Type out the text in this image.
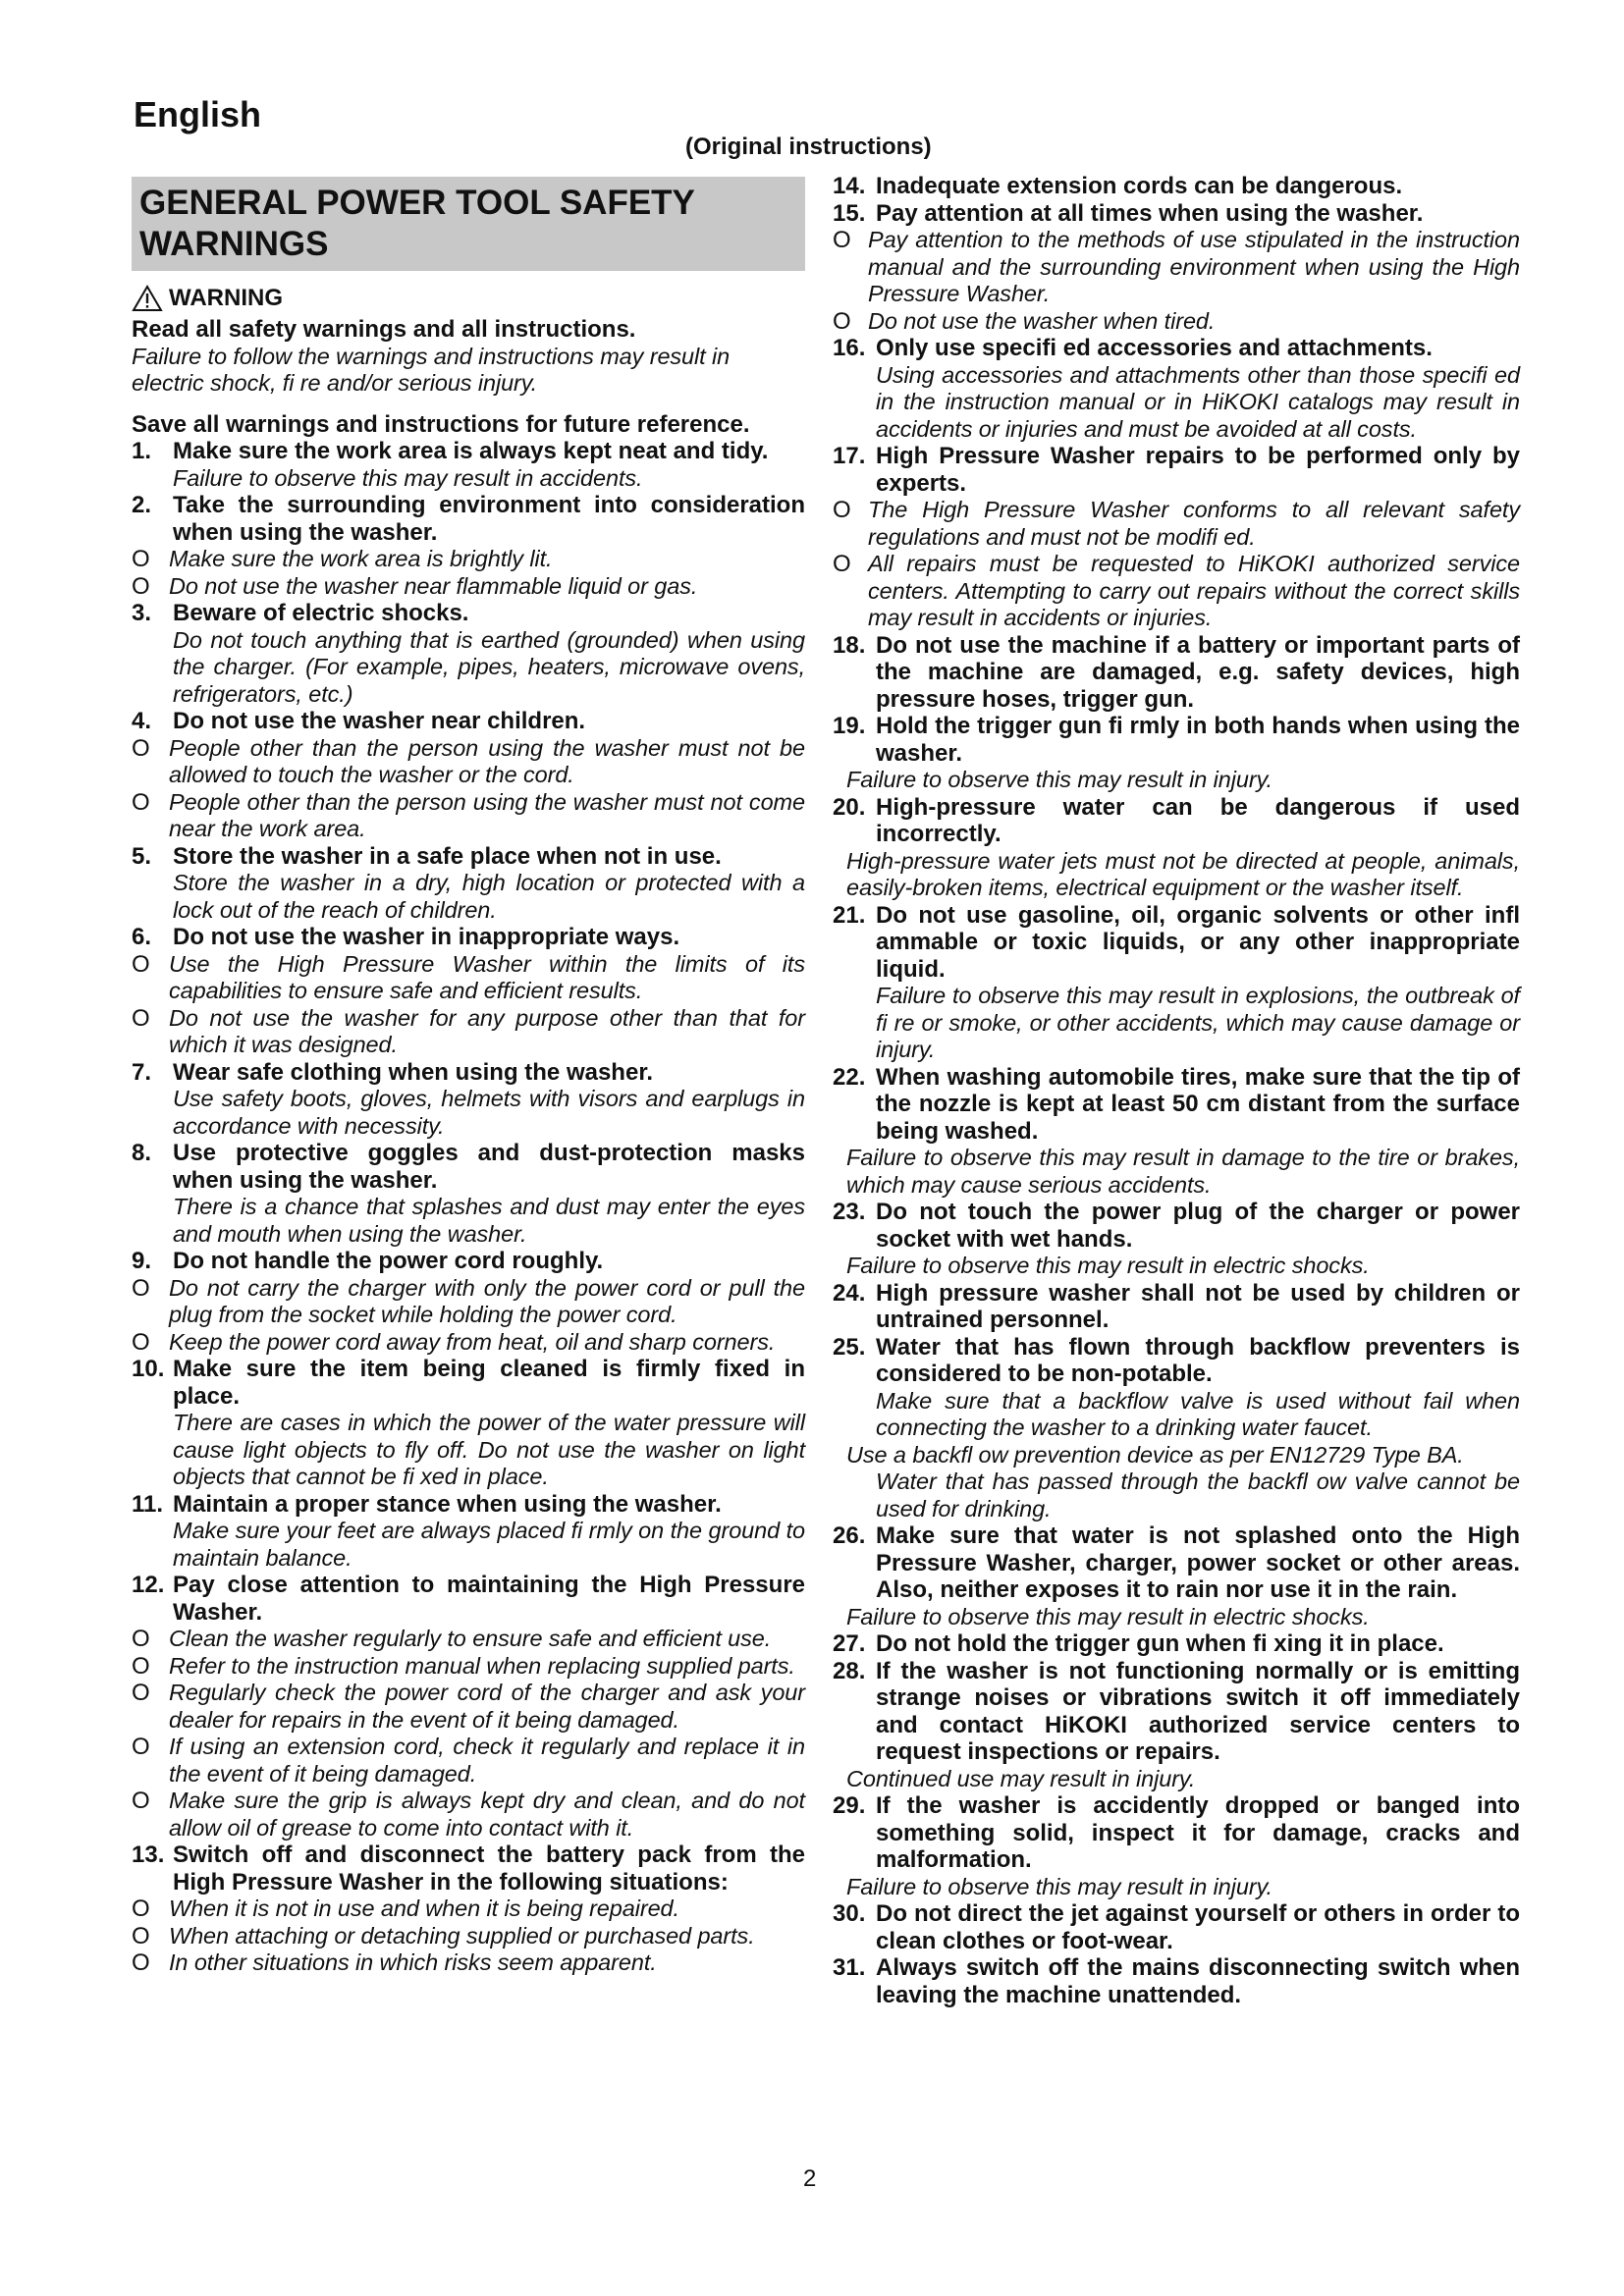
English
(Original instructions)
GENERAL POWER TOOL SAFETY WARNINGS
WARNING

Read all safety warnings and all instructions.

Failure to follow the warnings and instructions may result in electric shock, fi re and/or serious injury.

Save all warnings and instructions for future reference.

1. Make sure the work area is always kept neat and tidy.
Failure to observe this may result in accidents.
2. Take the surrounding environment into consideration when using the washer.
O Make sure the work area is brightly lit.
O Do not use the washer near flammable liquid or gas.
3. Beware of electric shocks.
Do not touch anything that is earthed (grounded) when using the charger. (For example, pipes, heaters, microwave ovens, refrigerators, etc.)
4. Do not use the washer near children.
O People other than the person using the washer must not be allowed to touch the washer or the cord.
O People other than the person using the washer must not come near the work area.
5. Store the washer in a safe place when not in use.
Store the washer in a dry, high location or protected with a lock out of the reach of children.
6. Do not use the washer in inappropriate ways.
O Use the High Pressure Washer within the limits of its capabilities to ensure safe and efficient results.
O Do not use the washer for any purpose other than that for which it was designed.
7. Wear safe clothing when using the washer.
Use safety boots, gloves, helmets with visors and earplugs in accordance with necessity.
8. Use protective goggles and dust-protection masks when using the washer.
There is a chance that splashes and dust may enter the eyes and mouth when using the washer.
9. Do not handle the power cord roughly.
O Do not carry the charger with only the power cord or pull the plug from the socket while holding the power cord.
O Keep the power cord away from heat, oil and sharp corners.
10. Make sure the item being cleaned is firmly fixed in place.
There are cases in which the power of the water pressure will cause light objects to fly off. Do not use the washer on light objects that cannot be fi xed in place.
11. Maintain a proper stance when using the washer.
Make sure your feet are always placed fi rmly on the ground to maintain balance.
12. Pay close attention to maintaining the High Pressure Washer.
O Clean the washer regularly to ensure safe and efficient use.
O Refer to the instruction manual when replacing supplied parts.
O Regularly check the power cord of the charger and ask your dealer for repairs in the event of it being damaged.
O If using an extension cord, check it regularly and replace it in the event of it being damaged.
O Make sure the grip is always kept dry and clean, and do not allow oil of grease to come into contact with it.
13. Switch off and disconnect the battery pack from the High Pressure Washer in the following situations:
O When it is not in use and when it is being repaired.
O When attaching or detaching supplied or purchased parts.
O In other situations in which risks seem apparent.
14. Inadequate extension cords can be dangerous.
15. Pay attention at all times when using the washer.
O Pay attention to the methods of use stipulated in the instruction manual and the surrounding environment when using the High Pressure Washer.
O Do not use the washer when tired.
16. Only use specifi ed accessories and attachments.
Using accessories and attachments other than those specifi ed in the instruction manual or in HiKOKI catalogs may result in accidents or injuries and must be avoided at all costs.
17. High Pressure Washer repairs to be performed only by experts.
O The High Pressure Washer conforms to all relevant safety regulations and must not be modifi ed.
O All repairs must be requested to HiKOKI authorized service centers. Attempting to carry out repairs without the correct skills may result in accidents or injuries.
18. Do not use the machine if a battery or important parts of the machine are damaged, e.g. safety devices, high pressure hoses, trigger gun.
19. Hold the trigger gun fi rmly in both hands when using the washer.
Failure to observe this may result in injury.
20. High-pressure water can be dangerous if used incorrectly.
High-pressure water jets must not be directed at people, animals, easily-broken items, electrical equipment or the washer itself.
21. Do not use gasoline, oil, organic solvents or other infl ammable or toxic liquids, or any other inappropriate liquid.
Failure to observe this may result in explosions, the outbreak of fi re or smoke, or other accidents, which may cause damage or injury.
22. When washing automobile tires, make sure that the tip of the nozzle is kept at least 50 cm distant from the surface being washed.
Failure to observe this may result in damage to the tire or brakes, which may cause serious accidents.
23. Do not touch the power plug of the charger or power socket with wet hands.
Failure to observe this may result in electric shocks.
24. High pressure washer shall not be used by children or untrained personnel.
25. Water that has flown through backflow preventers is considered to be non-potable.
Make sure that a backflow valve is used without fail when connecting the washer to a drinking water faucet.
Use a backfl ow prevention device as per EN12729 Type BA.
Water that has passed through the backfl ow valve cannot be used for drinking.
26. Make sure that water is not splashed onto the High Pressure Washer, charger, power socket or other areas. Also, neither exposes it to rain nor use it in the rain.
Failure to observe this may result in electric shocks.
27. Do not hold the trigger gun when fi xing it in place.
28. If the washer is not functioning normally or is emitting strange noises or vibrations switch it off immediately and contact HiKOKI authorized service centers to request inspections or repairs.
Continued use may result in injury.
29. If the washer is accidently dropped or banged into something solid, inspect it for damage, cracks and malformation.
Failure to observe this may result in injury.
30. Do not direct the jet against yourself or others in order to clean clothes or foot-wear.
31. Always switch off the mains disconnecting switch when leaving the machine unattended.
2
